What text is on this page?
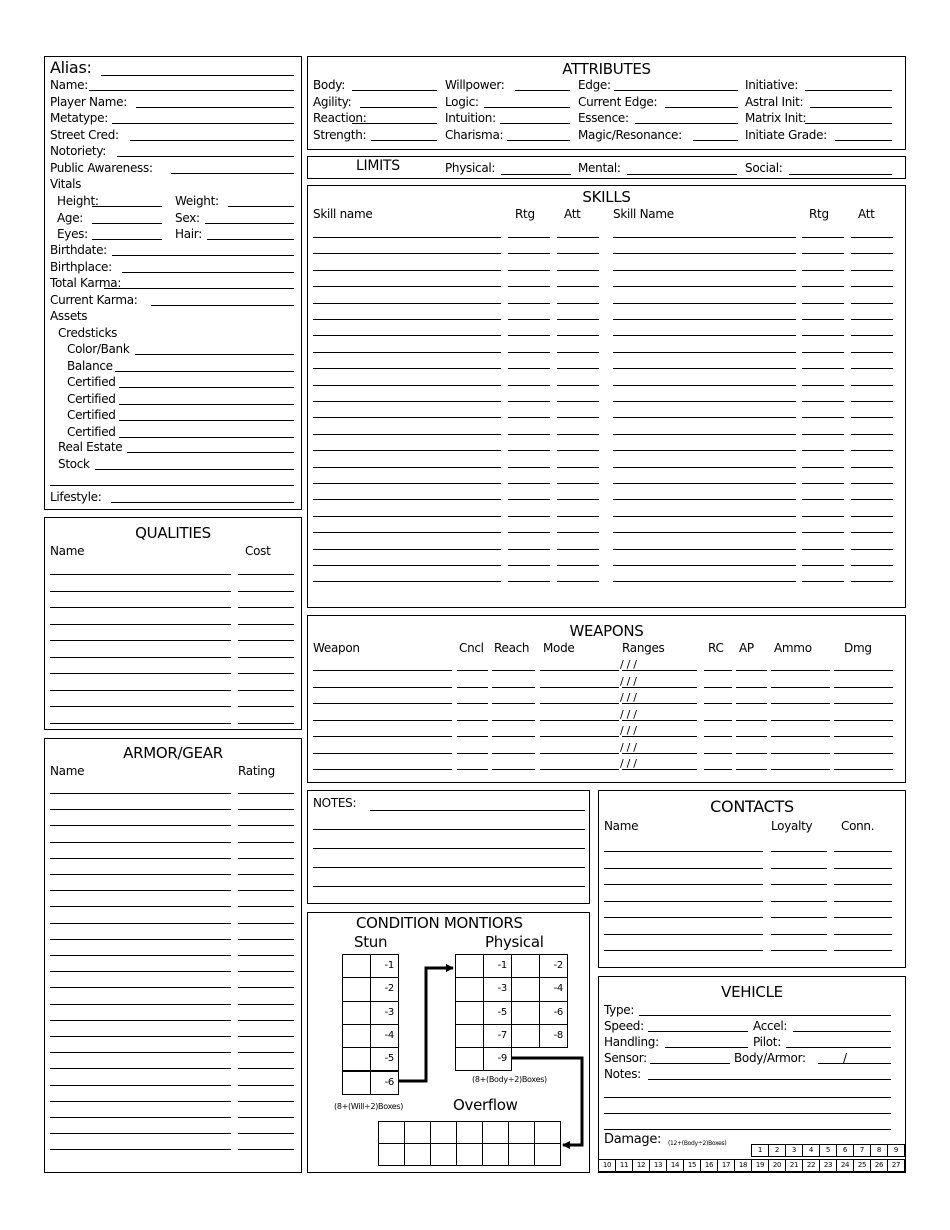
Alias:
Name:
Player Name:
Metatype:
Street Cred:
Notoriety:
Public Awareness:
Vitals
Height:	Weight:
Age:	Sex:
Eyes:	Hair:
Birthdate:
Birthplace:
Total Karma:
Current Karma:
Assets
Credsticks
Color/Bank
Balance
Certified
Certified
Certified
Certified
Real Estate
Stock
Lifestyle:
QUALITIES
Name	Cost
ARMOR/GEAR
Name	Rating
ATTRIBUTES
Body:
Agility:
Reaction:
Strength:
Willpower:
Logic:
Intuition:
Charisma:
Edge:
Current Edge:
Essence:
Magic/Resonance:
Initiative:
Astral Init:
Matrix Init:
Initiate Grade:
LIMITS	Physical:	Mental:	Social:
SKILLS
Skill name	Rtg Att	Skill Name	Rtg Att
WEAPONS
Weapon	Cncl Reach Mode	Ranges	RC AP Ammo	Dmg
/ / /
/ / /
/ / /
/ / /
/ / /
/ / /
/ / /
NOTES:	CONTACTS
Name	Loyalty Conn.
CONDITION MONTIORS
Stun	Physical
-1
-2
-3
-4
-5
-6
-1	-2
-3	-4
-5	-6
-7	-8
-9
(8+(Will÷2)Boxes)
(8+(Body÷2)Boxes)
Overflow
VEHICLE
Type:
Speed:	Accel:
Handling:	Pilot:
Sensor:	Body/Armor:	/
Notes:
Damage: (12+(Body÷2)Boxes)
1	2	3	4	5	6	7	8	9
10	11	12	13	14	15	16	17	18	19	20	21	22	23	24	25	26	27
